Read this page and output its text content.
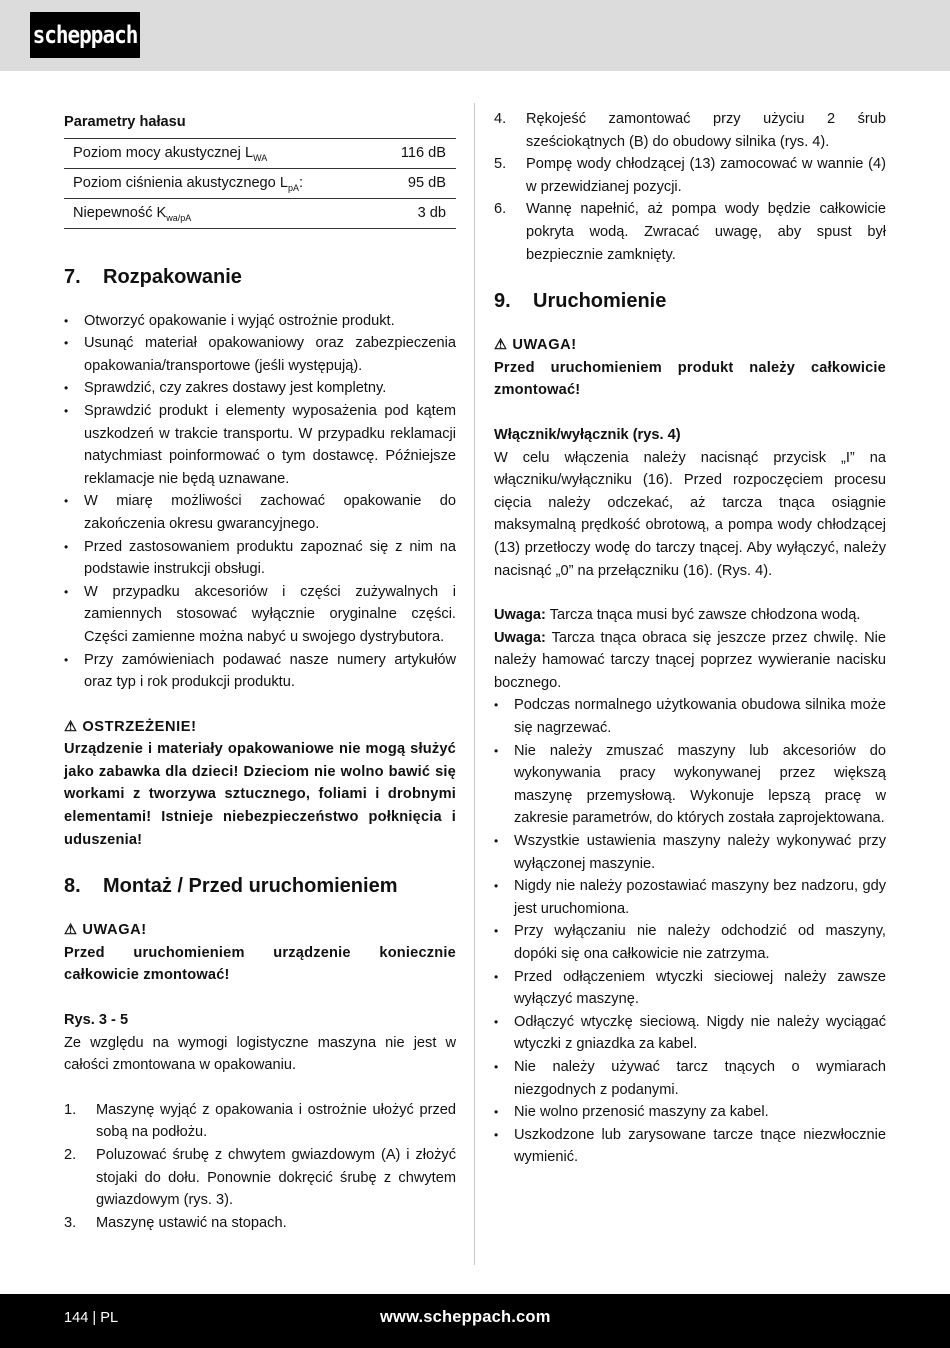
scheppach
Parametry hałasu
Poziom mocy akustycznej $L_{WA}$	116 dB
Poziom ciśnienia akustycznego $L_{pA}$:	95 dB
Niepewność $K_{wa/pA}$	3 db
7.	Rozpakowanie
• Otworzyć opakowanie i wyjąć ostrożnie produkt.
• Usunąć materiał opakowaniowy oraz zabezpieczenia opakowania/transportowe (jeśli występują).
• Sprawdzić, czy zakres dostawy jest kompletny.
• Sprawdzić produkt i elementy wyposażenia pod kątem uszkodzeń w trakcie transportu. W przypadku reklamacji natychmiast poinformować o tym dostawcę. Późniejsze reklamacje nie będą uznawane.
• W miarę możliwości zachować opakowanie do zakończenia okresu gwarancyjnego.
• Przed zastosowaniem produktu zapoznać się z nim na podstawie instrukcji obsługi.
• W przypadku akcesoriów i części zużywalnych i zamiennych stosować wyłącznie oryginalne części. Części zamienne można nabyć u swojego dystrybutora.
• Przy zamówieniach podawać nasze numery artykułów oraz typ i rok produkcji produktu.
⚠ OSTRZEŻENIE!
Urządzenie i materiały opakowaniowe nie mogą służyć jako zabawka dla dzieci! Dzieciom nie wolno bawić się workami z tworzywa sztucznego, foliami i drobnymi elementami! Istnieje niebezpieczeństwo połknięcia i uduszenia!
8.	Montaż / Przed uruchomieniem
⚠ UWAGA!
Przed uruchomieniem urządzenie koniecznie całkowicie zmontować!
Rys. 3 - 5
Ze względu na wymogi logistyczne maszyna nie jest w całości zmontowana w opakowaniu.
1. Maszynę wyjąć z opakowania i ostrożnie ułożyć przed sobą na podłożu.
2. Poluzować śrubę z chwytem gwiazdowym (A) i złożyć stojaki do dołu. Ponownie dokręcić śrubę z chwytem gwiazdowym (rys. 3).
3. Maszynę ustawić na stopach.
4. Rękojeść zamontować przy użyciu 2 śrub sześciokątnych (B) do obudowy silnika (rys. 4).
5. Pompę wody chłodzącej (13) zamocować w wannie (4) w przewidzianej pozycji.
6. Wannę napełnić, aż pompa wody będzie całkowicie pokryta wodą. Zwracać uwagę, aby spust był bezpiecznie zamknięty.
9.	Uruchomienie
⚠ UWAGA!
Przed uruchomieniem produkt należy całkowicie zmontować!
Włącznik/wyłącznik (rys. 4)
W celu włączenia należy nacisnąć przycisk „I” na włączniku/wyłączniku (16). Przed rozpoczęciem procesu cięcia należy odczekać, aż tarcza tnąca osiągnie maksymalną prędkość obrotową, a pompa wody chłodzącej (13) przetłoczy wodę do tarczy tnącej. Aby wyłączyć, należy nacisnąć „0” na przełączniku (16). (Rys. 4).
Uwaga: Tarcza tnąca musi być zawsze chłodzona wodą.
Uwaga: Tarcza tnąca obraca się jeszcze przez chwilę. Nie należy hamować tarczy tnącej poprzez wywieranie nacisku bocznego.
• Podczas normalnego użytkowania obudowa silnika może się nagrzewać.
• Nie należy zmuszać maszyny lub akcesoriów do wykonywania pracy wykonywanej przez większą maszynę przemysłową. Wykonuje lepszą pracę w zakresie parametrów, do których została zaprojektowana.
• Wszystkie ustawienia maszyny należy wykonywać przy wyłączonej maszynie.
• Nigdy nie należy pozostawiać maszyny bez nadzoru, gdy jest uruchomiona.
• Przy wyłączaniu nie należy odchodzić od maszyny, dopóki się ona całkowicie nie zatrzyma.
• Przed odłączeniem wtyczki sieciowej należy zawsze wyłączyć maszynę.
• Odłączyć wtyczkę sieciową. Nigdy nie należy wyciągać wtyczki z gniazdka za kabel.
• Nie należy używać tarcz tnących o wymiarach niezgodnych z podanymi.
• Nie wolno przenosić maszyny za kabel.
• Uszkodzone lub zarysowane tarcze tnące niezwłocznie wymienić.
144 | PL	www.scheppach.com
